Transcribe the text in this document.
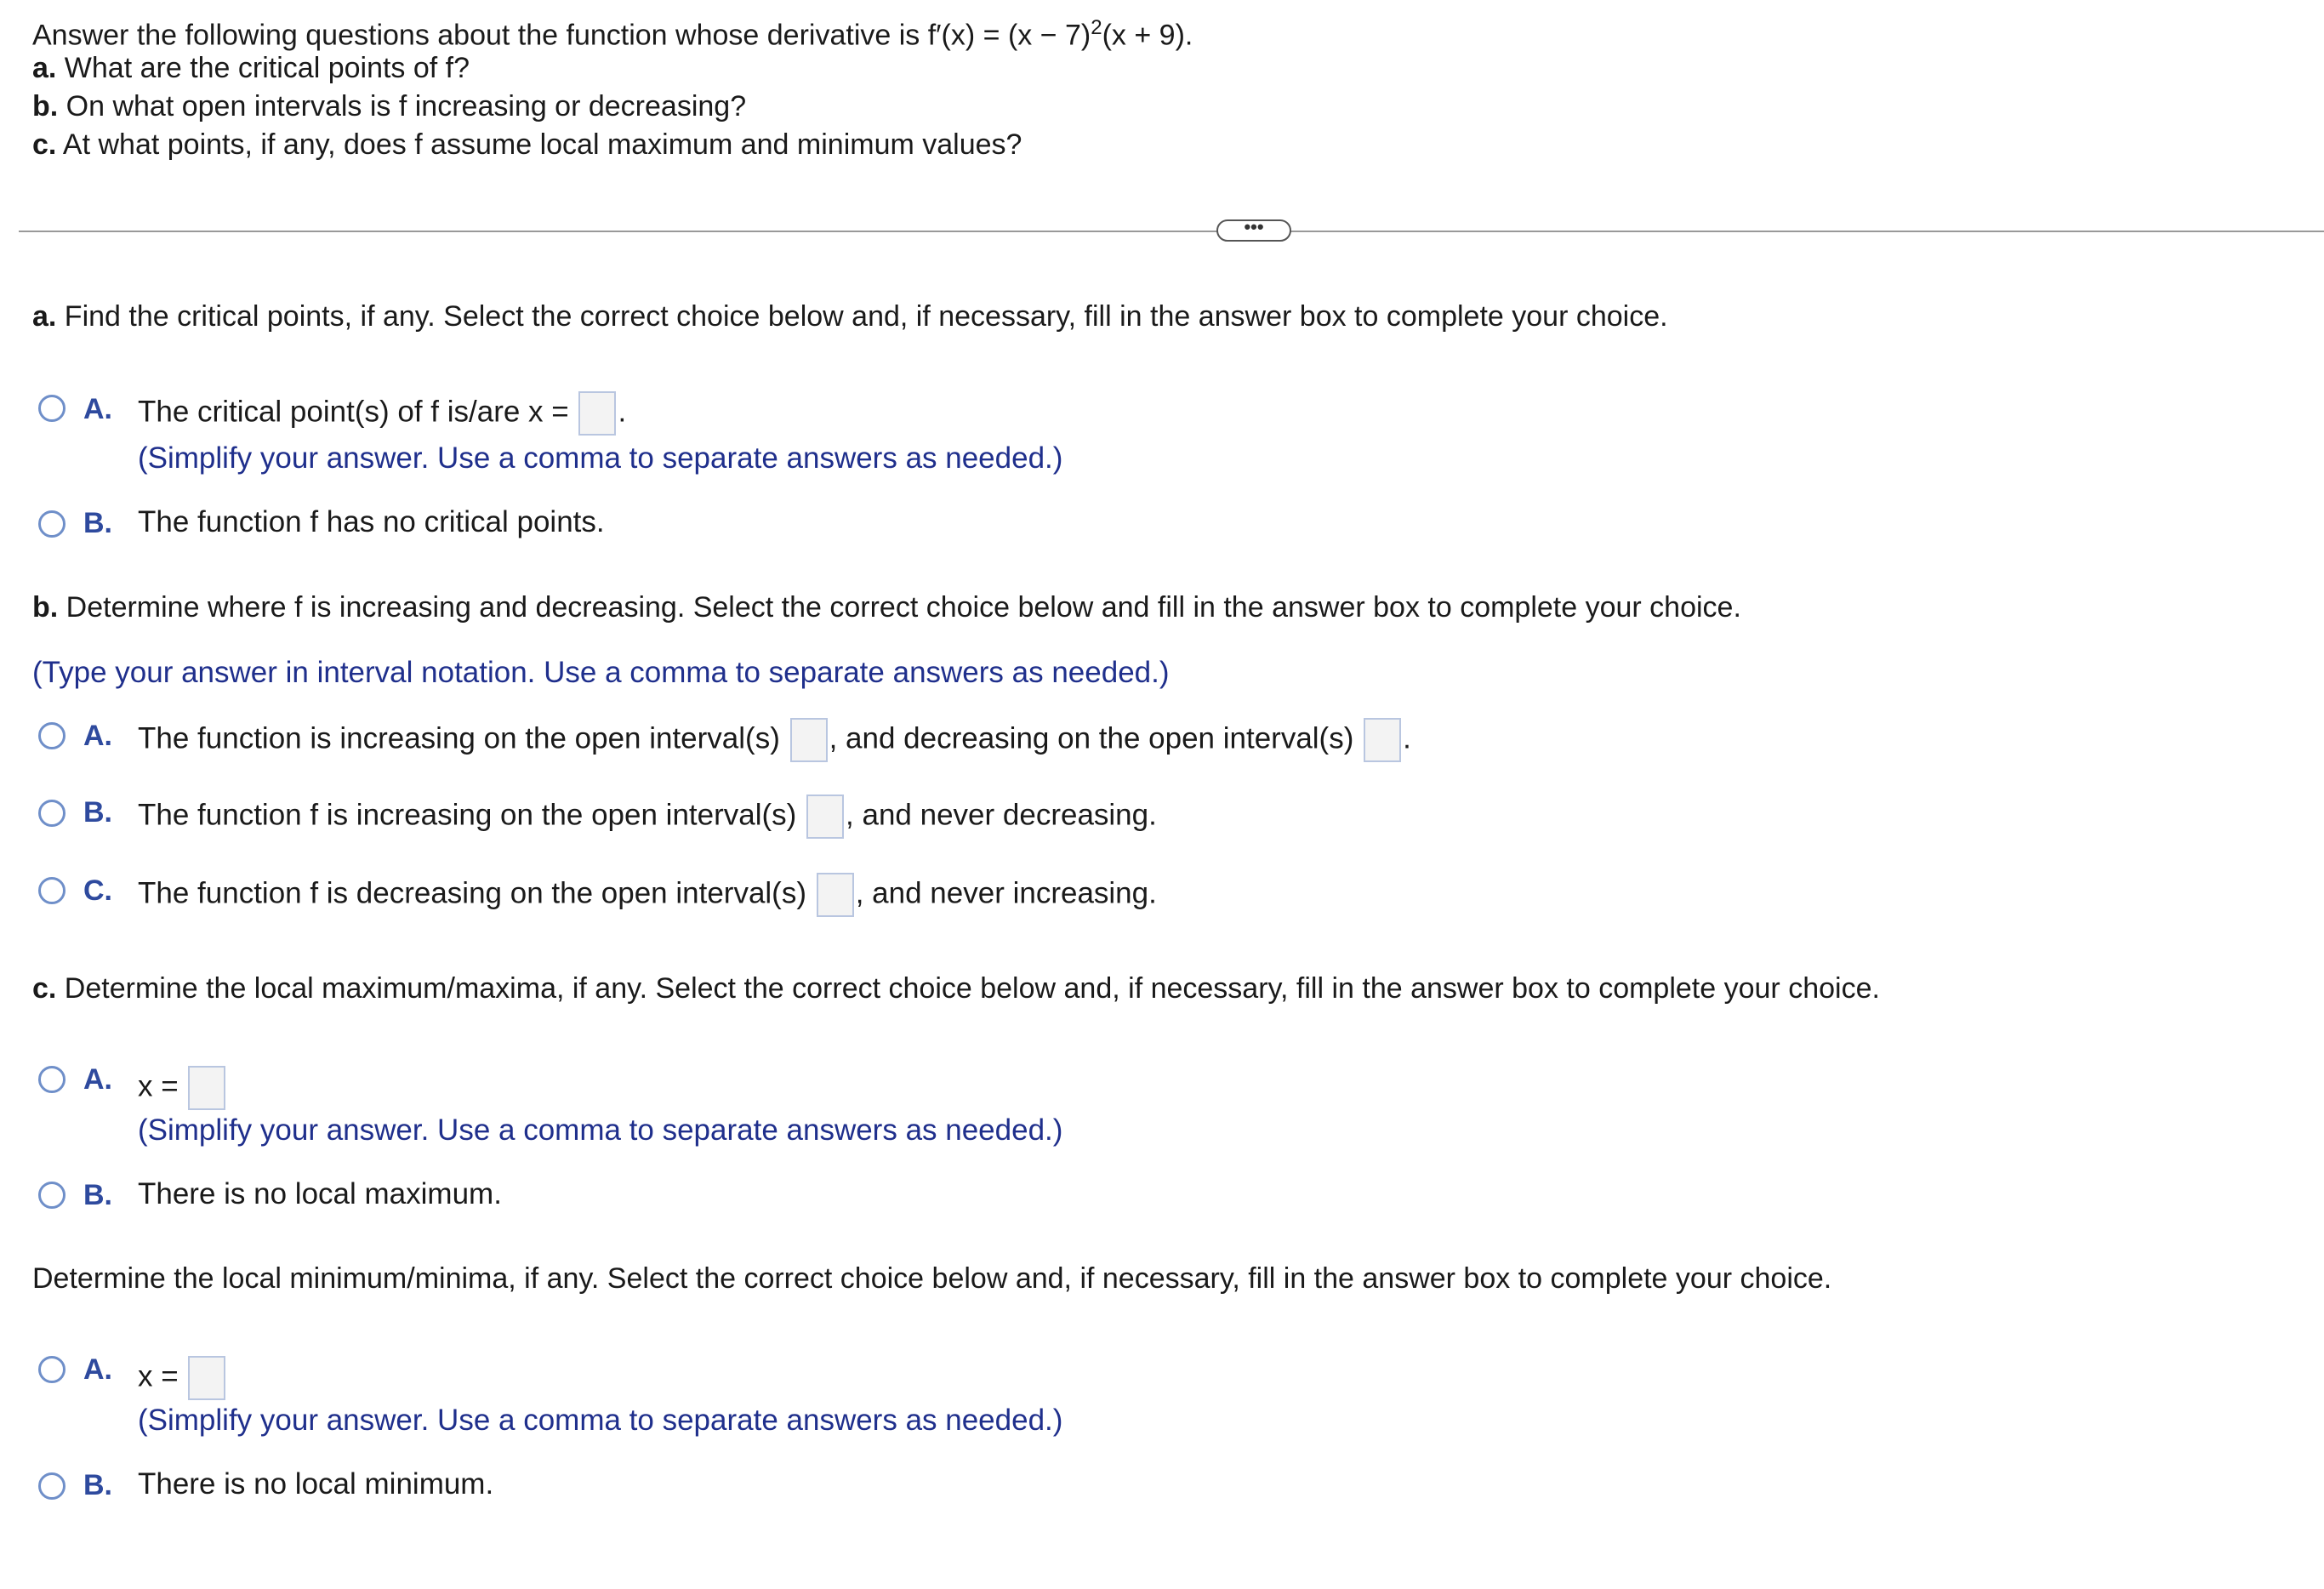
Answer the following questions about the function whose derivative is $f'(x) = (x - 7)^2(x + 9)$.
a. What are the critical points of f?
b. On what open intervals is f increasing or decreasing?
c. At what points, if any, does f assume local maximum and minimum values?
•••
a. Find the critical points, if any. Select the correct choice below and, if necessary, fill in the answer box to complete your choice.
A. The critical point(s) of f is/are x = .
(Simplify your answer. Use a comma to separate answers as needed.)
B. The function f has no critical points.
b. Determine where f is increasing and decreasing. Select the correct choice below and fill in the answer box to complete your choice.
(Type your answer in interval notation. Use a comma to separate answers as needed.)
A. The function is increasing on the open interval(s) , and decreasing on the open interval(s) .
B. The function f is increasing on the open interval(s) , and never decreasing.
C. The function f is decreasing on the open interval(s) , and never increasing.
c. Determine the local maximum/maxima, if any. Select the correct choice below and, if necessary, fill in the answer box to complete your choice.
A. x =
(Simplify your answer. Use a comma to separate answers as needed.)
B. There is no local maximum.
Determine the local minimum/minima, if any. Select the correct choice below and, if necessary, fill in the answer box to complete your choice.
A. x =
(Simplify your answer. Use a comma to separate answers as needed.)
B. There is no local minimum.
